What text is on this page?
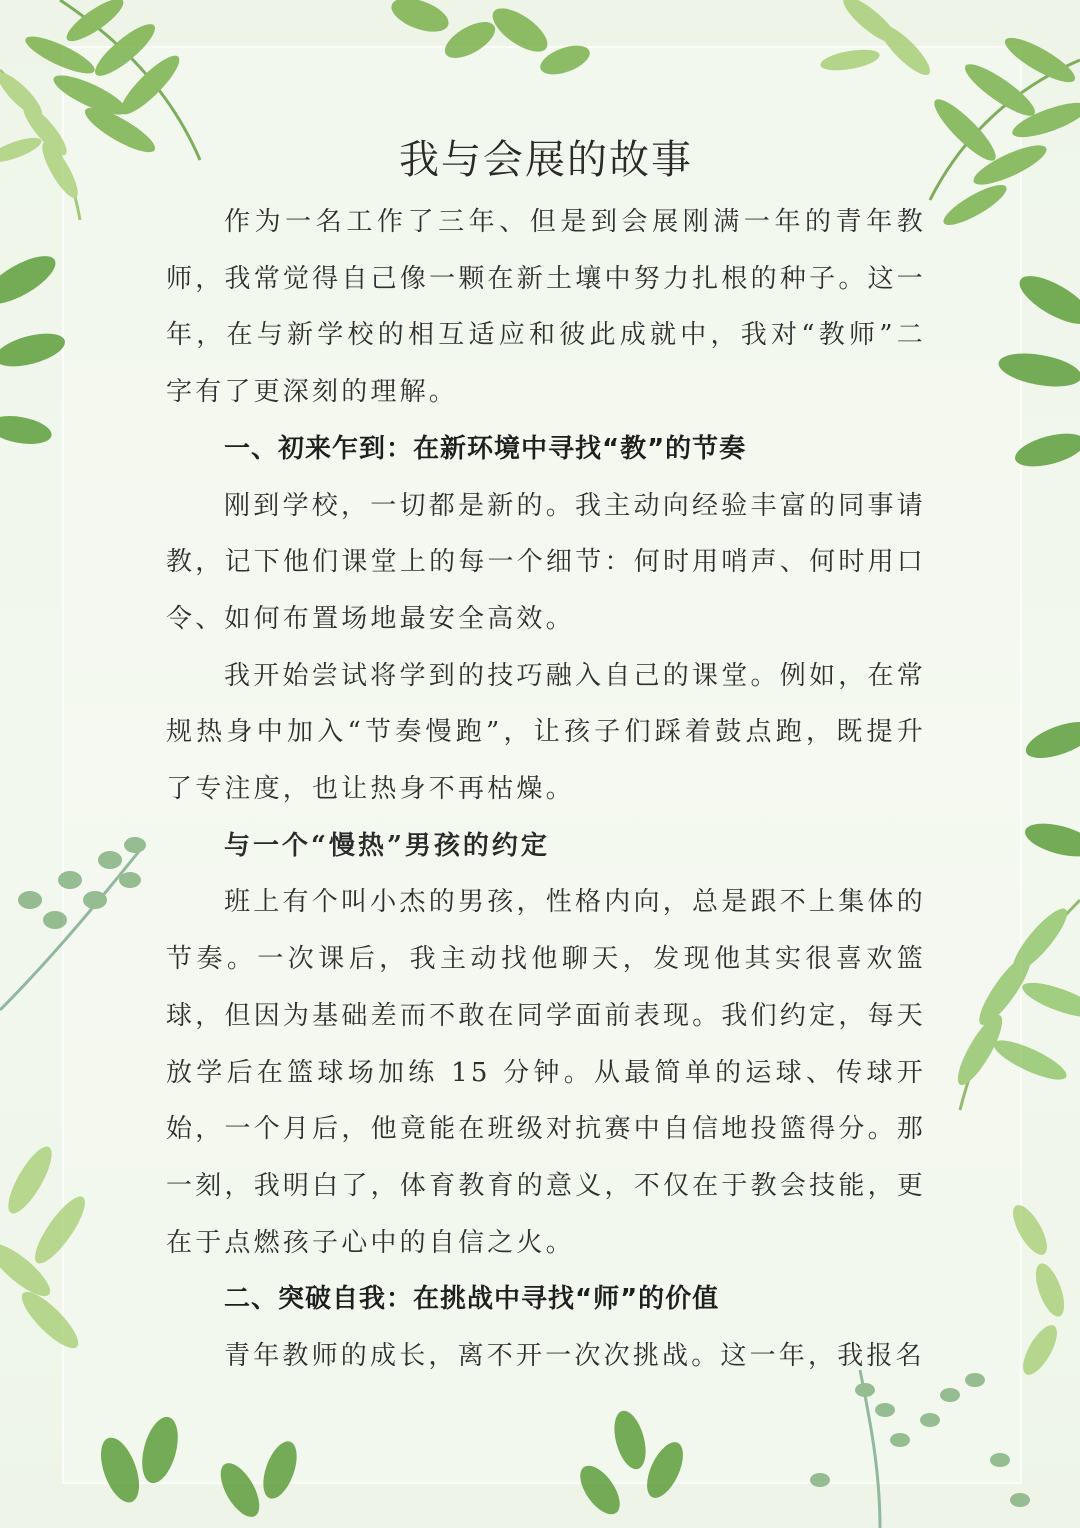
我与会展的故事

作为一名工作了三年、但是到会展刚满一年的青年教师，我常觉得自己像一颗在新土壤中努力扎根的种子。这一年，在与新学校的相互适应和彼此成就中，我对“教师”二字有了更深刻的理解。

一、初来乍到：在新环境中寻找“教”的节奏

刚到学校，一切都是新的。我主动向经验丰富的同事请教，记下他们课堂上的每一个细节：何时用哨声、何时用口令、如何布置场地最安全高效。

我开始尝试将学到的技巧融入自己的课堂。例如，在常规热身中加入“节奏慢跑”，让孩子们踩着鼓点跑，既提升了专注度，也让热身不再枯燥。

与一个“慢热”男孩的约定

班上有个叫小杰的男孩，性格内向，总是跟不上集体的节奏。一次课后，我主动找他聊天，发现他其实很喜欢篮球，但因为基础差而不敢在同学面前表现。我们约定，每天放学后在篮球场加练 15 分钟。从最简单的运球、传球开始，一个月后，他竟能在班级对抗赛中自信地投篮得分。那一刻，我明白了，体育教育的意义，不仅在于教会技能，更在于点燃孩子心中的自信之火。

二、突破自我：在挑战中寻找“师”的价值

青年教师的成长，离不开一次次挑战。这一年，我报名
